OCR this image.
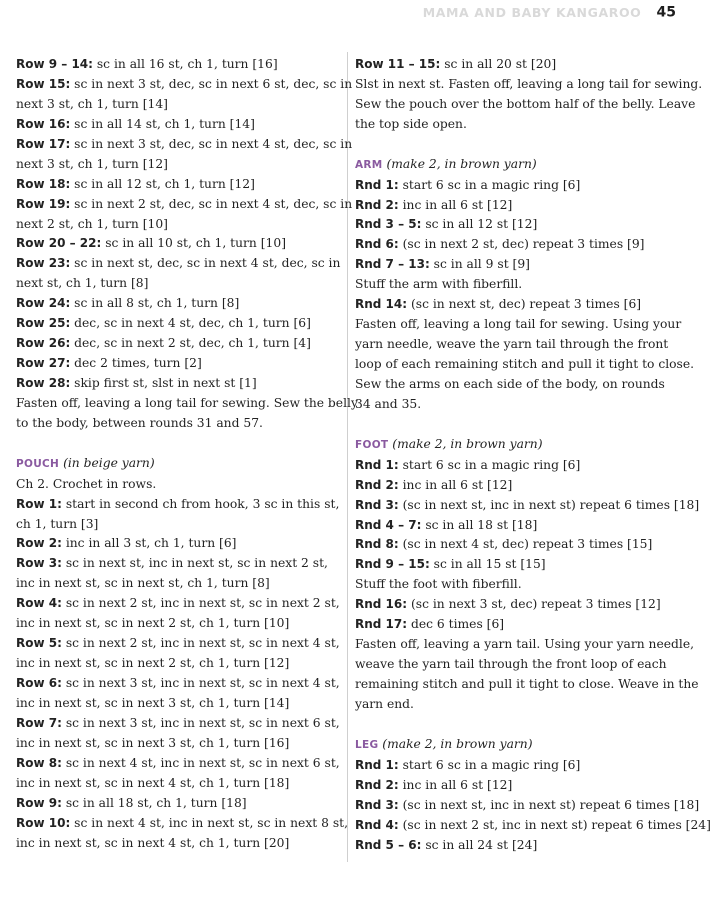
MAMA AND BABY KANGAROO 45

Row 9 – 14: sc in all 16 st, ch 1, turn [16]

Row 15: sc in next 3 st, dec, sc in next 6 st, dec, sc in

next 3 st, ch 1, turn [14]

Row 16: sc in all 14 st, ch 1, turn [14]

Row 17: sc in next 3 st, dec, sc in next 4 st, dec, sc in

next 3 st, ch 1, turn [12]

Row 18: sc in all 12 st, ch 1, turn [12]

Row 19: sc in next 2 st, dec, sc in next 4 st, dec, sc in

next 2 st, ch 1, turn [10]

Row 20 – 22: sc in all 10 st, ch 1, turn [10]

Row 23: sc in next st, dec, sc in next 4 st, dec, sc in

next st, ch 1, turn [8]

Row 24: sc in all 8 st, ch 1, turn [8]

Row 25: dec, sc in next 4 st, dec, ch 1, turn [6]

Row 26: dec, sc in next 2 st, dec, ch 1, turn [4]

Row 27: dec 2 times, turn [2]

Row 28: skip first st, slst in next st [1]

Fasten off, leaving a long tail for sewing. Sew the belly

to the body, between rounds 31 and 57.

POUCH (in beige yarn)

Ch 2. Crochet in rows.

Row 1: start in second ch from hook, 3 sc in this st,

ch 1, turn [3]

Row 2: inc in all 3 st, ch 1, turn [6]

Row 3: sc in next st, inc in next st, sc in next 2 st,

inc in next st, sc in next st, ch 1, turn [8]

Row 4: sc in next 2 st, inc in next st, sc in next 2 st,

inc in next st, sc in next 2 st, ch 1, turn [10]

Row 5: sc in next 2 st, inc in next st, sc in next 4 st,

inc in next st, sc in next 2 st, ch 1, turn [12]

Row 6: sc in next 3 st, inc in next st, sc in next 4 st,

inc in next st, sc in next 3 st, ch 1, turn [14]

Row 7: sc in next 3 st, inc in next st, sc in next 6 st,

inc in next st, sc in next 3 st, ch 1, turn [16]

Row 8: sc in next 4 st, inc in next st, sc in next 6 st,

inc in next st, sc in next 4 st, ch 1, turn [18]

Row 9: sc in all 18 st, ch 1, turn [18]

Row 10: sc in next 4 st, inc in next st, sc in next 8 st,

inc in next st, sc in next 4 st, ch 1, turn [20]

Row 11 – 15: sc in all 20 st [20]

Slst in next st. Fasten off, leaving a long tail for sewing.

Sew the pouch over the bottom half of the belly. Leave

the top side open.

ARM (make 2, in brown yarn)

Rnd 1: start 6 sc in a magic ring [6]

Rnd 2: inc in all 6 st [12]

Rnd 3 – 5: sc in all 12 st [12]

Rnd 6: (sc in next 2 st, dec) repeat 3 times [9]

Rnd 7 – 13: sc in all 9 st [9]

Stuff the arm with fiberfill.

Rnd 14: (sc in next st, dec) repeat 3 times [6]

Fasten off, leaving a long tail for sewing. Using your

yarn needle, weave the yarn tail through the front

loop of each remaining stitch and pull it tight to close.

Sew the arms on each side of the body, on rounds

34 and 35.

FOOT (make 2, in brown yarn)

Rnd 1: start 6 sc in a magic ring [6]

Rnd 2: inc in all 6 st [12]

Rnd 3: (sc in next st, inc in next st) repeat 6 times [18]

Rnd 4 – 7: sc in all 18 st [18]

Rnd 8: (sc in next 4 st, dec) repeat 3 times [15]

Rnd 9 – 15: sc in all 15 st [15]

Stuff the foot with fiberfill.

Rnd 16: (sc in next 3 st, dec) repeat 3 times [12]

Rnd 17: dec 6 times [6]

Fasten off, leaving a yarn tail. Using your yarn needle,

weave the yarn tail through the front loop of each

remaining stitch and pull it tight to close. Weave in the

yarn end.

LEG (make 2, in brown yarn)

Rnd 1: start 6 sc in a magic ring [6]

Rnd 2: inc in all 6 st [12]

Rnd 3: (sc in next st, inc in next st) repeat 6 times [18]

Rnd 4: (sc in next 2 st, inc in next st) repeat 6 times [24]

Rnd 5 – 6: sc in all 24 st [24]
